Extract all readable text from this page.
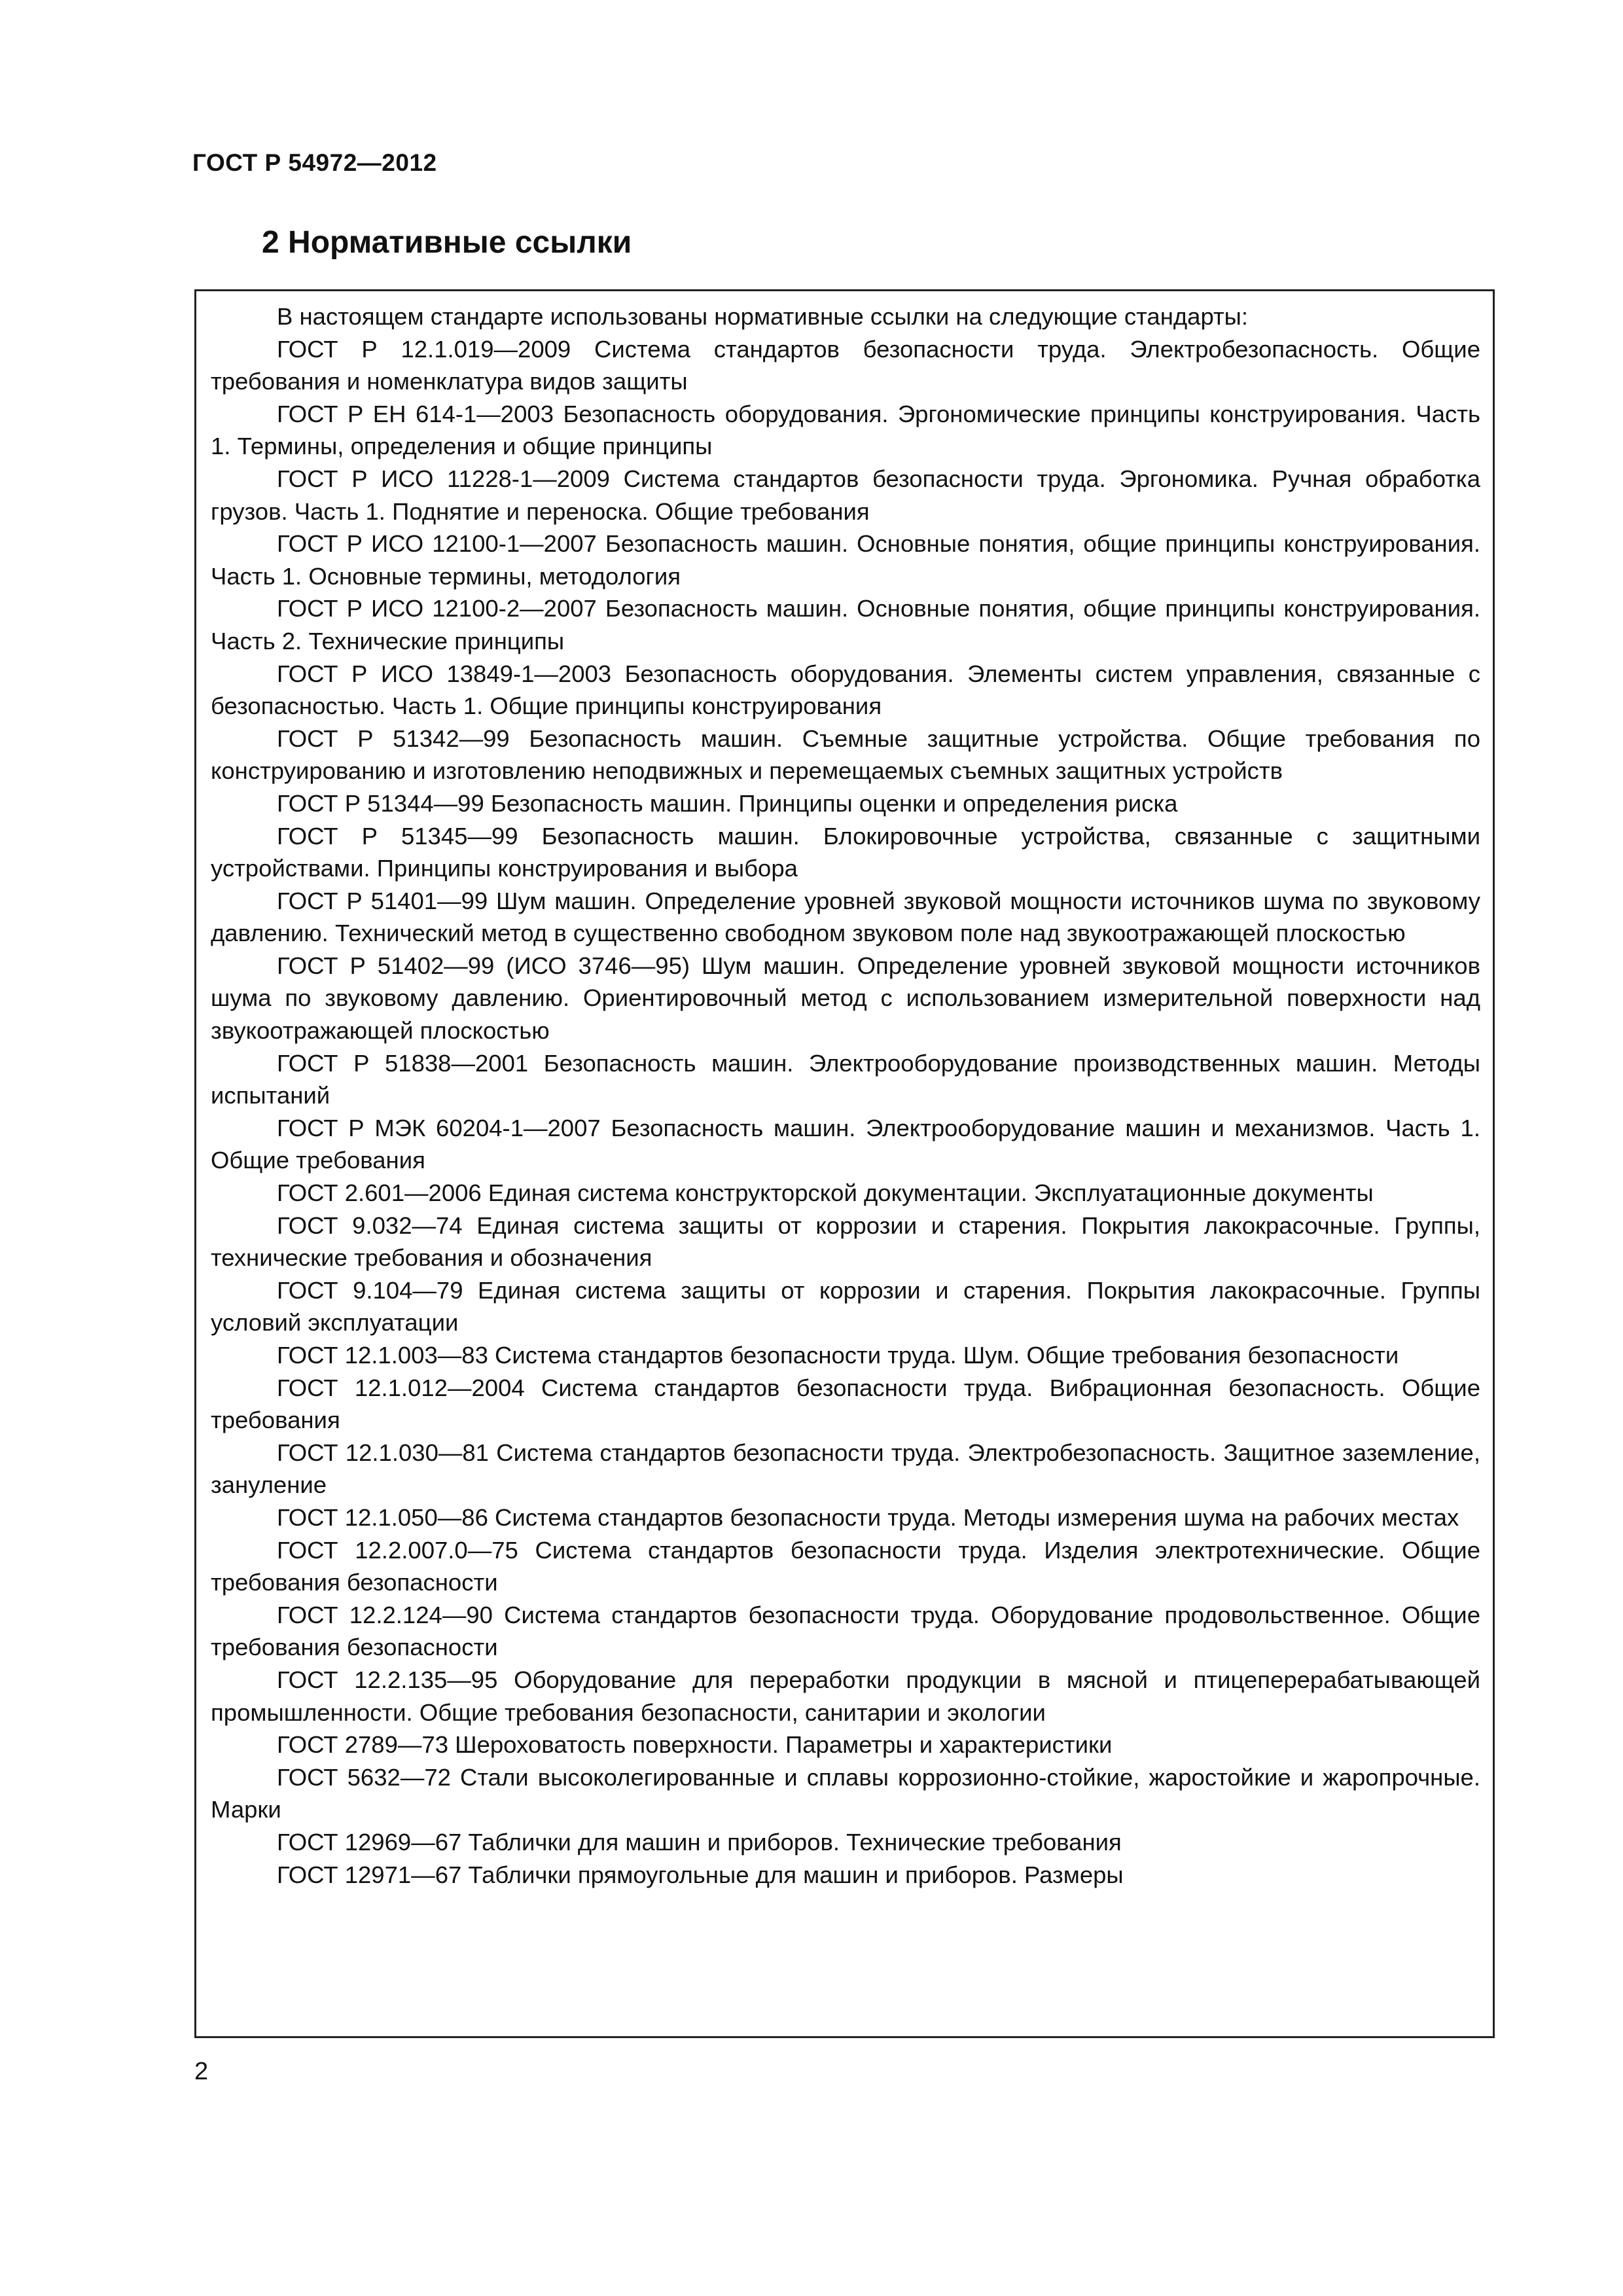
ГОСТ Р 54972—2012
2 Нормативные ссылки

В настоящем стандарте использованы нормативные ссылки на следующие стандарты:

ГОСТ Р 12.1.019—2009 Система стандартов безопасности труда. Электробезопасность. Общие требования и номенклатура видов защиты

ГОСТ Р ЕН 614-1—2003 Безопасность оборудования. Эргономические принципы конструирования. Часть 1. Термины, определения и общие принципы

ГОСТ Р ИСО 11228-1—2009 Система стандартов безопасности труда. Эргономика. Ручная обработка грузов. Часть 1. Поднятие и переноска. Общие требования

ГОСТ Р ИСО 12100-1—2007 Безопасность машин. Основные понятия, общие принципы конструирования. Часть 1. Основные термины, методология

ГОСТ Р ИСО 12100-2—2007 Безопасность машин. Основные понятия, общие принципы конструирования. Часть 2. Технические принципы

ГОСТ Р ИСО 13849-1—2003 Безопасность оборудования. Элементы систем управления, связанные с безопасностью. Часть 1. Общие принципы конструирования

ГОСТ Р 51342—99 Безопасность машин. Съемные защитные устройства. Общие требования по конструированию и изготовлению неподвижных и перемещаемых съемных защитных устройств

ГОСТ Р 51344—99 Безопасность машин. Принципы оценки и определения риска

ГОСТ Р 51345—99 Безопасность машин. Блокировочные устройства, связанные с защитными устройствами. Принципы конструирования и выбора

ГОСТ Р 51401—99 Шум машин. Определение уровней звуковой мощности источников шума по звуковому давлению. Технический метод в существенно свободном звуковом поле над звукоотражающей плоскостью

ГОСТ Р 51402—99 (ИСО 3746—95) Шум машин. Определение уровней звуковой мощности источников шума по звуковому давлению. Ориентировочный метод с использованием измерительной поверхности над звукоотражающей плоскостью

ГОСТ Р 51838—2001 Безопасность машин. Электрооборудование производственных машин. Методы испытаний

ГОСТ Р МЭК 60204-1—2007 Безопасность машин. Электрооборудование машин и механизмов. Часть 1. Общие требования

ГОСТ 2.601—2006 Единая система конструкторской документации. Эксплуатационные документы

ГОСТ 9.032—74 Единая система защиты от коррозии и старения. Покрытия лакокрасочные. Группы, технические требования и обозначения

ГОСТ 9.104—79 Единая система защиты от коррозии и старения. Покрытия лакокрасочные. Группы условий эксплуатации

ГОСТ 12.1.003—83 Система стандартов безопасности труда. Шум. Общие требования безопасности

ГОСТ 12.1.012—2004 Система стандартов безопасности труда. Вибрационная безопасность. Общие требования

ГОСТ 12.1.030—81 Система стандартов безопасности труда. Электробезопасность. Защитное заземление, зануление

ГОСТ 12.1.050—86 Система стандартов безопасности труда. Методы измерения шума на рабочих местах

ГОСТ 12.2.007.0—75 Система стандартов безопасности труда. Изделия электротехнические. Общие требования безопасности

ГОСТ 12.2.124—90 Система стандартов безопасности труда. Оборудование продовольственное. Общие требования безопасности

ГОСТ 12.2.135—95 Оборудование для переработки продукции в мясной и птицеперерабатывающей промышленности. Общие требования безопасности, санитарии и экологии

ГОСТ 2789—73 Шероховатость поверхности. Параметры и характеристики

ГОСТ 5632—72 Стали высоколегированные и сплавы коррозионно-стойкие, жаростойкие и жаропрочные. Марки

ГОСТ 12969—67 Таблички для машин и приборов. Технические требования

ГОСТ 12971—67 Таблички прямоугольные для машин и приборов. Размеры

2
